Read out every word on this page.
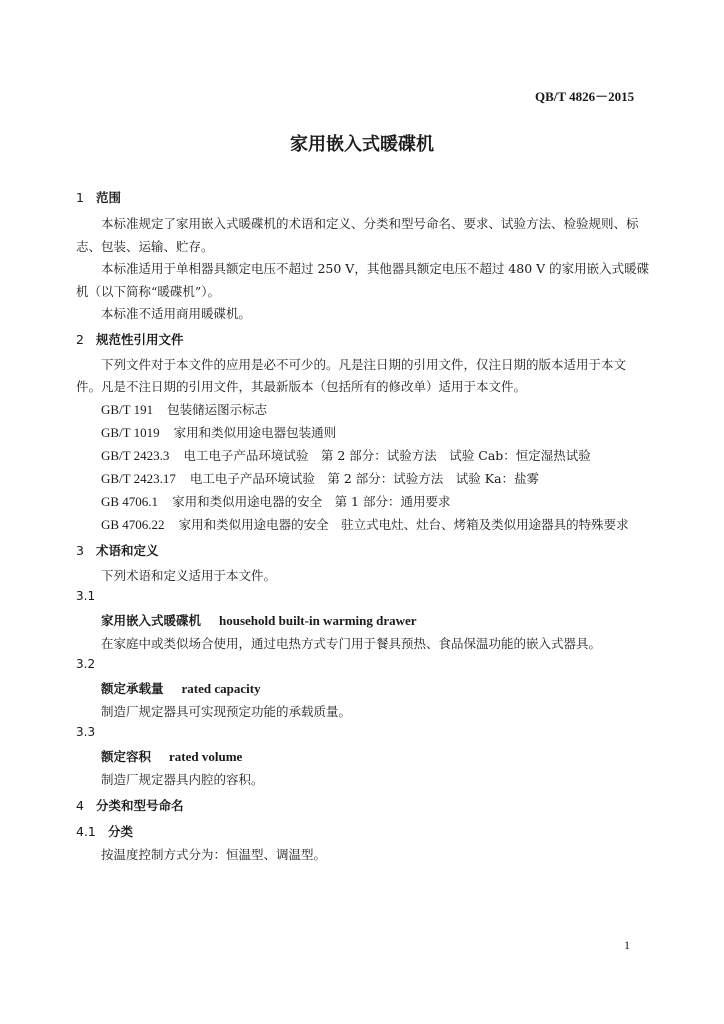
QB/T 4826－2015
家用嵌入式暖碟机
1 范围
本标准规定了家用嵌入式暖碟机的术语和定义、分类和型号命名、要求、试验方法、检验规则、标
志、包装、运输、贮存。
本标准适用于单相器具额定电压不超过 250 V，其他器具额定电压不超过 480 V 的家用嵌入式暖碟
机（以下简称“暖碟机”）。
本标准不适用商用暖碟机。
2 规范性引用文件
下列文件对于本文件的应用是必不可少的。凡是注日期的引用文件，仅注日期的版本适用于本文
件。凡是不注日期的引用文件，其最新版本（包括所有的修改单）适用于本文件。
GB/T 191 包装储运图示标志
GB/T 1019 家用和类似用途电器包装通则
GB/T 2423.3 电工电子产品环境试验　第 2 部分：试验方法　试验 Cab：恒定湿热试验
GB/T 2423.17 电工电子产品环境试验　第 2 部分：试验方法　试验 Ka：盐雾
GB 4706.1 家用和类似用途电器的安全　第 1 部分：通用要求
GB 4706.22 家用和类似用途电器的安全　驻立式电灶、灶台、烤箱及类似用途器具的特殊要求
3 术语和定义
下列术语和定义适用于本文件。
3.1
家用嵌入式暖碟机 household built-in warming drawer
在家庭中或类似场合使用，通过电热方式专门用于餐具预热、食品保温功能的嵌入式器具。
3.2
额定承载量 rated capacity
制造厂规定器具可实现预定功能的承载质量。
3.3
额定容积 rated volume
制造厂规定器具内腔的容积。
4 分类和型号命名
4.1 分类
按温度控制方式分为：恒温型、调温型。
1
